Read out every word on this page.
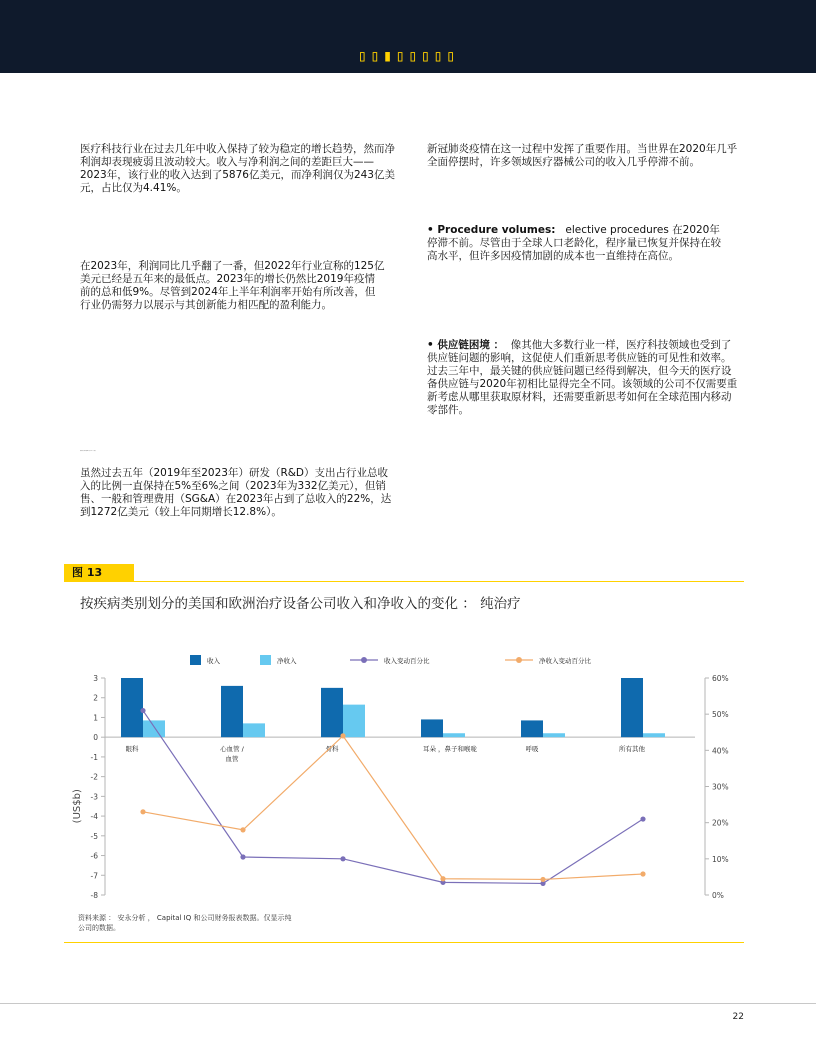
▯▯▮▯▯▯▯▯

医疗科技行业在过去几年中收入保持了较为稳定的增长趋势，然而净利润却表现疲弱且波动较大。收入与净利润之间的差距巨大——2023年，该行业的收入达到了5876亿美元，而净利润仅为243亿美元，占比仅为4.41%。

在2023年，利润同比几乎翻了一番，但2022年行业宣称的125亿美元已经是五年来的最低点。2023年的增长仍然比2019年疫情前的总和低9%。尽管到2024年上半年利润率开始有所改善，但行业仍需努力以展示与其创新能力相匹配的盈利能力。

资料来源安永分析

虽然过去五年（2019年至2023年）研发（R&D）支出占行业总收入的比例一直保持在5%至6%之间（2023年为332亿美元），但销售、一般和管理费用（SG&A）在2023年占到了总收入的22%，达到1272亿美元（较上年同期增长12.8%）。

新冠肺炎疫情在这一过程中发挥了重要作用。当世界在2020年几乎全面停摆时，许多领域医疗器械公司的收入几乎停滞不前。

• Procedure volumes: elective procedures 在2020年停滞不前。尽管由于全球人口老龄化，程序量已恢复并保持在较高水平，但许多因疫情加剧的成本也一直维持在高位。

• 供应链困境 ： 像其他大多数行业一样，医疗科技领域也受到了供应链问题的影响，这促使人们重新思考供应链的可见性和效率。过去三年中，最关键的供应链问题已经得到解决，但今天的医疗设备供应链与2020年初相比显得完全不同。该领域的公司不仅需要重新考虑从哪里获取原材料，还需要重新思考如何在全球范围内移动零部件。

图 13
按疾病类别划分的美国和欧洲治疗设备公司收入和净收入的变化 ： 纯治疗
3
2
1
0
-1
-2
-3
-4
-5
-6
-7
-8
60%
50%
40%
30%
20%
10%
0%
(US$b)
眼科	心血管 /
血管
骨科	耳朵 ，鼻子和喉咙	呼吸	所有其他
收入	净收入	收入变动百分比	净收入变动百分比
资料来源 ： 安永分析 ， Capital IQ 和公司财务报表数据。仅显示纯
公司的数据。
22
